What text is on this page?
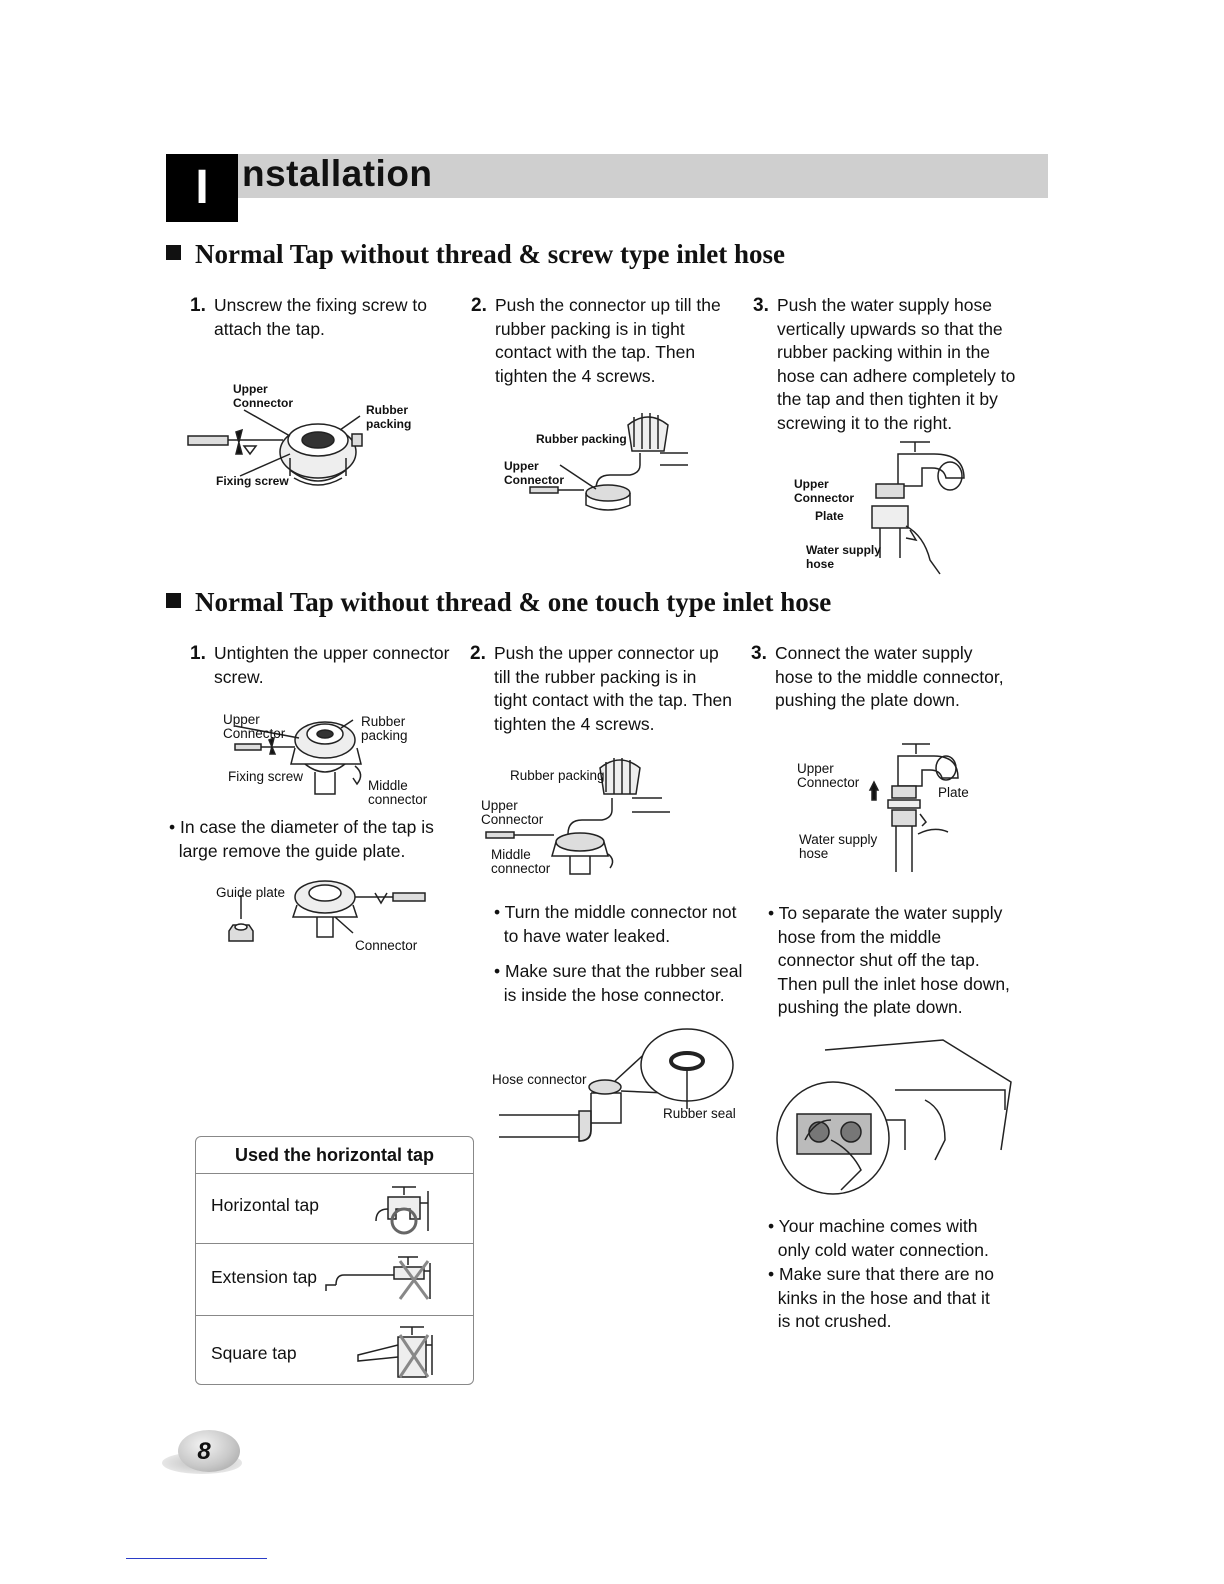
I nstallation
Normal Tap without thread & screw type inlet hose
1. Unscrew the fixing screw to
attach the tap.
2. Push the connector up till the
rubber packing is in tight
contact with the tap. Then
tighten the 4 screws.
3. Push the water supply hose
vertically upwards so that the
rubber packing within in the
hose can adhere completely to
the tap and then tighten it by
screwing it to the right.
Upper
Connector	Rubber
packing
Fixing screw
Rubber packing
Upper
Connector	Upper
Connector
Plate
Water supply
hose
Normal Tap without thread & one touch type inlet hose
1. Untighten the upper connector
screw.
2. Push the upper connector up
till the rubber packing is in
tight contact with the tap. Then
tighten the 4 screws.
3. Connect the water supply
hose to the middle connector,
pushing the plate down.
Upper
Connector
Rubber
packing
Fixing screw
Middle
connector
• In case the diameter of the tap is
large remove the guide plate.
Guide plate
Connector
Rubber packing
Upper
Connector
Middle
connector
Upper
Connector
Plate
Water supply
hose
• Turn the middle connector not
to have water leaked.
• Make sure that the rubber seal
is inside the hose connector.
• To separate the water supply
hose from the middle
connector shut off the tap.
Then pull the inlet hose down,
pushing the plate down.
Hose connector
Rubber seal
• Your machine comes with
only cold water connection.
• Make sure that there are no
kinks in the hose and that it
is not crushed.
Used the horizontal tap
Horizontal tap
Extension tap
Square tap
8
